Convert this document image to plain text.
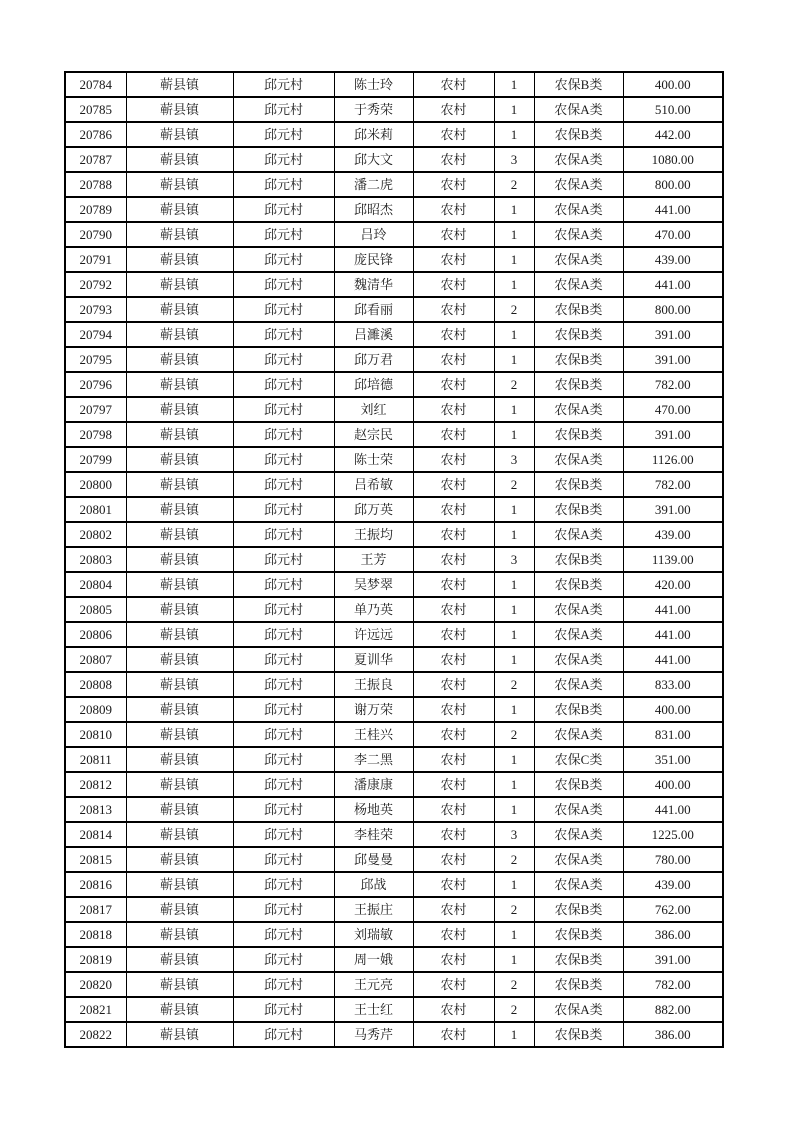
20784	蕲县镇	邱元村	陈士玲	农村	1	农保B类	400.00
20785	蕲县镇	邱元村	于秀荣	农村	1	农保A类	510.00
20786	蕲县镇	邱元村	邱米莉	农村	1	农保B类	442.00
20787	蕲县镇	邱元村	邱大文	农村	3	农保A类	1080.00
20788	蕲县镇	邱元村	潘二虎	农村	2	农保A类	800.00
20789	蕲县镇	邱元村	邱昭杰	农村	1	农保A类	441.00
20790	蕲县镇	邱元村	吕玲	农村	1	农保A类	470.00
20791	蕲县镇	邱元村	庞民锋	农村	1	农保A类	439.00
20792	蕲县镇	邱元村	魏清华	农村	1	农保A类	441.00
20793	蕲县镇	邱元村	邱看丽	农村	2	农保B类	800.00
20794	蕲县镇	邱元村	吕濉溪	农村	1	农保B类	391.00
20795	蕲县镇	邱元村	邱万君	农村	1	农保B类	391.00
20796	蕲县镇	邱元村	邱培德	农村	2	农保B类	782.00
20797	蕲县镇	邱元村	刘红	农村	1	农保A类	470.00
20798	蕲县镇	邱元村	赵宗民	农村	1	农保B类	391.00
20799	蕲县镇	邱元村	陈士荣	农村	3	农保A类	1126.00
20800	蕲县镇	邱元村	吕希敏	农村	2	农保B类	782.00
20801	蕲县镇	邱元村	邱万英	农村	1	农保B类	391.00
20802	蕲县镇	邱元村	王振均	农村	1	农保A类	439.00
20803	蕲县镇	邱元村	王芳	农村	3	农保B类	1139.00
20804	蕲县镇	邱元村	吴梦翠	农村	1	农保B类	420.00
20805	蕲县镇	邱元村	单乃英	农村	1	农保A类	441.00
20806	蕲县镇	邱元村	许远远	农村	1	农保A类	441.00
20807	蕲县镇	邱元村	夏训华	农村	1	农保A类	441.00
20808	蕲县镇	邱元村	王振良	农村	2	农保A类	833.00
20809	蕲县镇	邱元村	谢万荣	农村	1	农保B类	400.00
20810	蕲县镇	邱元村	王桂兴	农村	2	农保A类	831.00
20811	蕲县镇	邱元村	李二黑	农村	1	农保C类	351.00
20812	蕲县镇	邱元村	潘康康	农村	1	农保B类	400.00
20813	蕲县镇	邱元村	杨地英	农村	1	农保A类	441.00
20814	蕲县镇	邱元村	李桂荣	农村	3	农保A类	1225.00
20815	蕲县镇	邱元村	邱曼曼	农村	2	农保A类	780.00
20816	蕲县镇	邱元村	邱战	农村	1	农保A类	439.00
20817	蕲县镇	邱元村	王振庄	农村	2	农保B类	762.00
20818	蕲县镇	邱元村	刘瑞敏	农村	1	农保B类	386.00
20819	蕲县镇	邱元村	周一娥	农村	1	农保B类	391.00
20820	蕲县镇	邱元村	王元亮	农村	2	农保B类	782.00
20821	蕲县镇	邱元村	王士红	农村	2	农保A类	882.00
20822	蕲县镇	邱元村	马秀芹	农村	1	农保B类	386.00
